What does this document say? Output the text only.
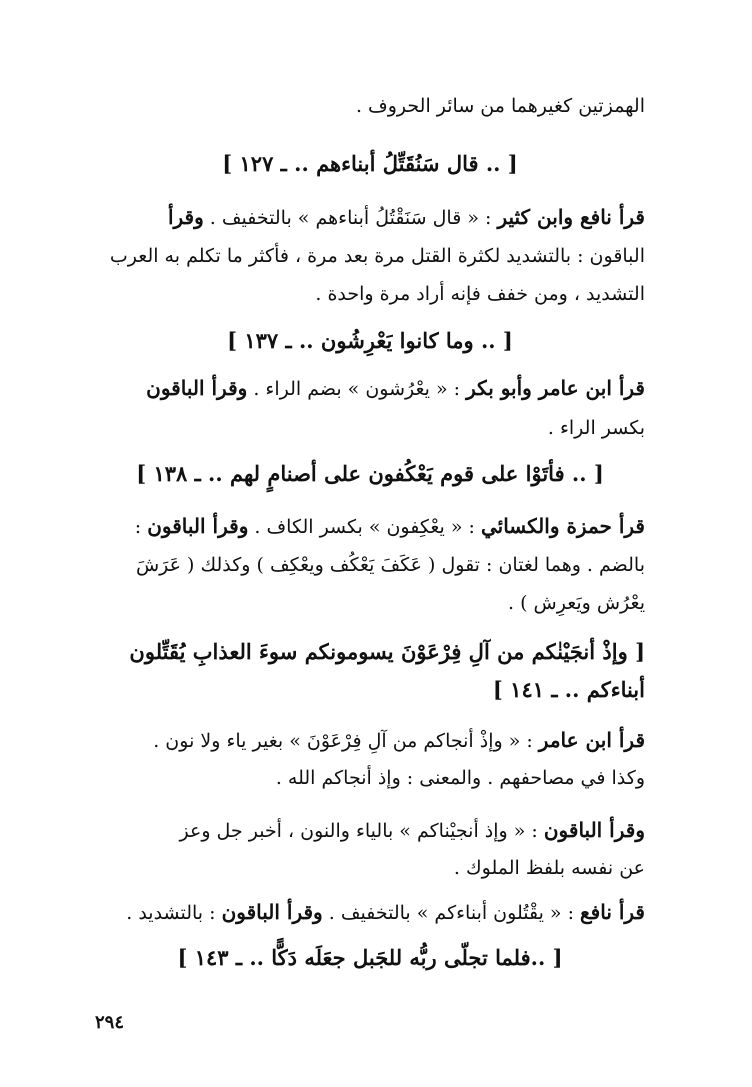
الهمزتين كغيرهما من سائر الحروف .
[ .. قال سَنُقَتِّلُ أبناءهم .. ـ ١٢٧ ]
قرأ نافع وابن كثير : « قال سَنَقْتُلُ أبناءهم » بالتخفيف . وقرأ
الباقون : بالتشديد لكثرة القتل مرة بعد مرة ، فأكثر ما تكلم به العرب
التشديد ، ومن خفف فإنه أراد مرة واحدة .
[ .. وما كانوا يَعْرِشُون .. ـ ١٣٧ ]
قرأ ابن عامر وأبو بكر : « يعْرُشون » بضم الراء . وقرأ الباقون
بكسر الراء .
[ .. فأتَوْا على قوم يَعْكُفون على أصنامٍ لهم .. ـ ١٣٨ ]
قرأ حمزة والكسائي : « يعْكِفون » بكسر الكاف . وقرأ الباقون :
بالضم . وهما لغتان : تقول ( عَكَفَ يَعْكُف ويعْكِف ) وكذلك ( عَرَشَ
يعْرُش ويَعرِش ) .
[ وإذْ أنجَيْنٰكم من آلِ فِرْعَوْنَ يسومونكم سوءَ العذابِ يُقَتِّلون
أبناءكم .. ـ ١٤١ ]
قرأ ابن عامر : « وإذْ أنجاكم من آلِ فِرْعَوْنَ » بغير ياء ولا نون .
وكذا في مصاحفهم . والمعنى : وإذ أنجاكم الله .
وقرأ الباقون : « وإذ أنجيْناكم » بالياء والنون ، أخبر جل وعز
عن نفسه بلفظ الملوك .
قرأ نافع : « يقْتُلون أبناءكم » بالتخفيف . وقرأ الباقون : بالتشديد .
[ ..فلما تجلّى ربُّه للجَبل جعَلَه دَكًّا .. ـ ١٤٣ ]
٢٩٤
